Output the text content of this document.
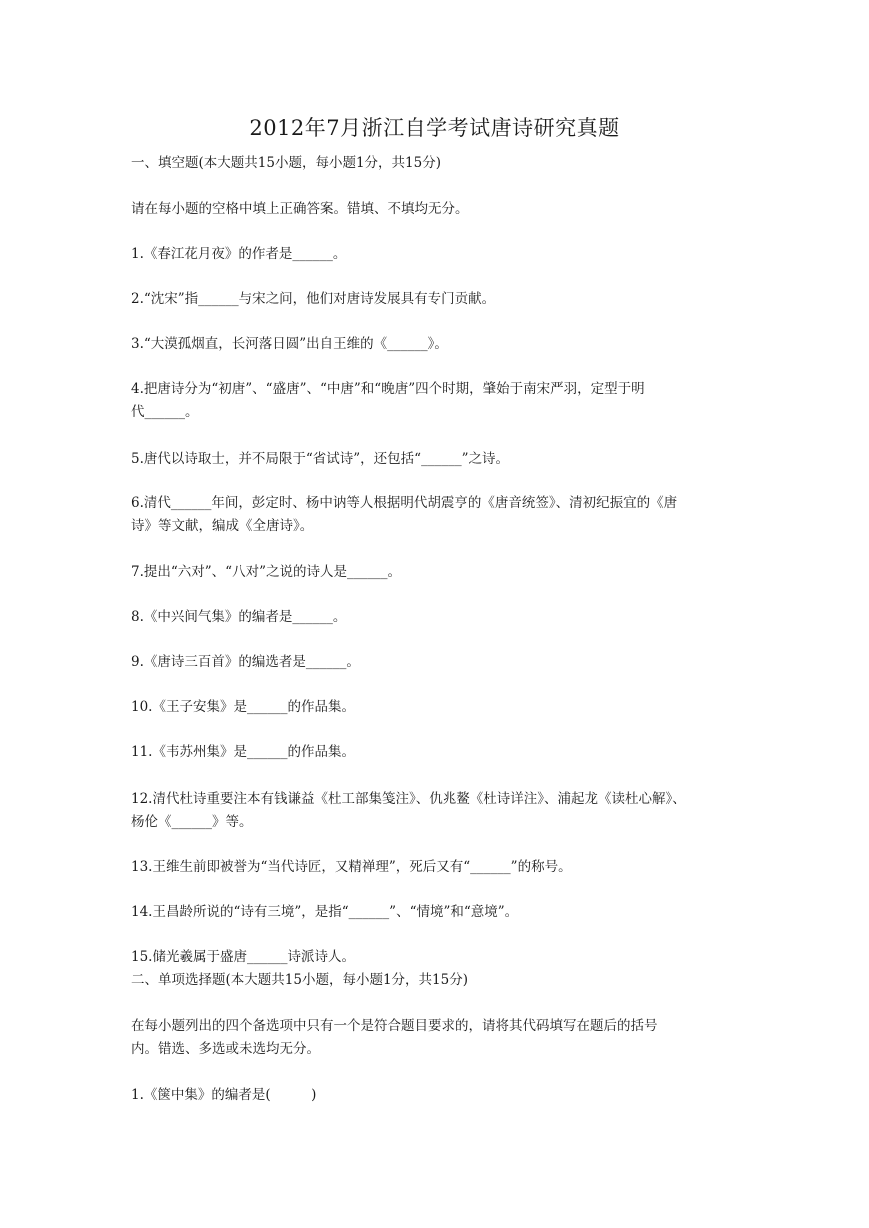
2012年7月浙江自学考试唐诗研究真题
一、填空题(本大题共15小题，每小题1分，共15分)
请在每小题的空格中填上正确答案。错填、不填均无分。
1.《春江花月夜》的作者是______。
2.“沈宋”指______与宋之问，他们对唐诗发展具有专门贡献。
3.“大漠孤烟直，长河落日圆”出自王维的《______》。
4.把唐诗分为“初唐”、“盛唐”、“中唐”和“晚唐”四个时期，肇始于南宋严羽，定型于明
代______。
5.唐代以诗取士，并不局限于“省试诗”，还包括“______”之诗。
6.清代______年间，彭定时、杨中讷等人根据明代胡震亨的《唐音统签》、清初纪振宜的《唐
诗》等文献，编成《全唐诗》。
7.提出“六对”、“八对”之说的诗人是______。
8.《中兴间气集》的编者是______。
9.《唐诗三百首》的编选者是______。
10.《王子安集》是______的作品集。
11.《韦苏州集》是______的作品集。
12.清代杜诗重要注本有钱谦益《杜工部集笺注》、仇兆鳌《杜诗详注》、浦起龙《读杜心解》、
杨伦《______》等。
13.王维生前即被誉为“当代诗匠，又精禅理”，死后又有“______”的称号。
14.王昌龄所说的“诗有三境”，是指“______”、“情境”和“意境”。
15.储光羲属于盛唐______诗派诗人。
二、单项选择题(本大题共15小题，每小题1分，共15分)
在每小题列出的四个备选项中只有一个是符合题目要求的，请将其代码填写在题后的括号
内。错选、多选或未选均无分。
1.《箧中集》的编者是(　　　)
